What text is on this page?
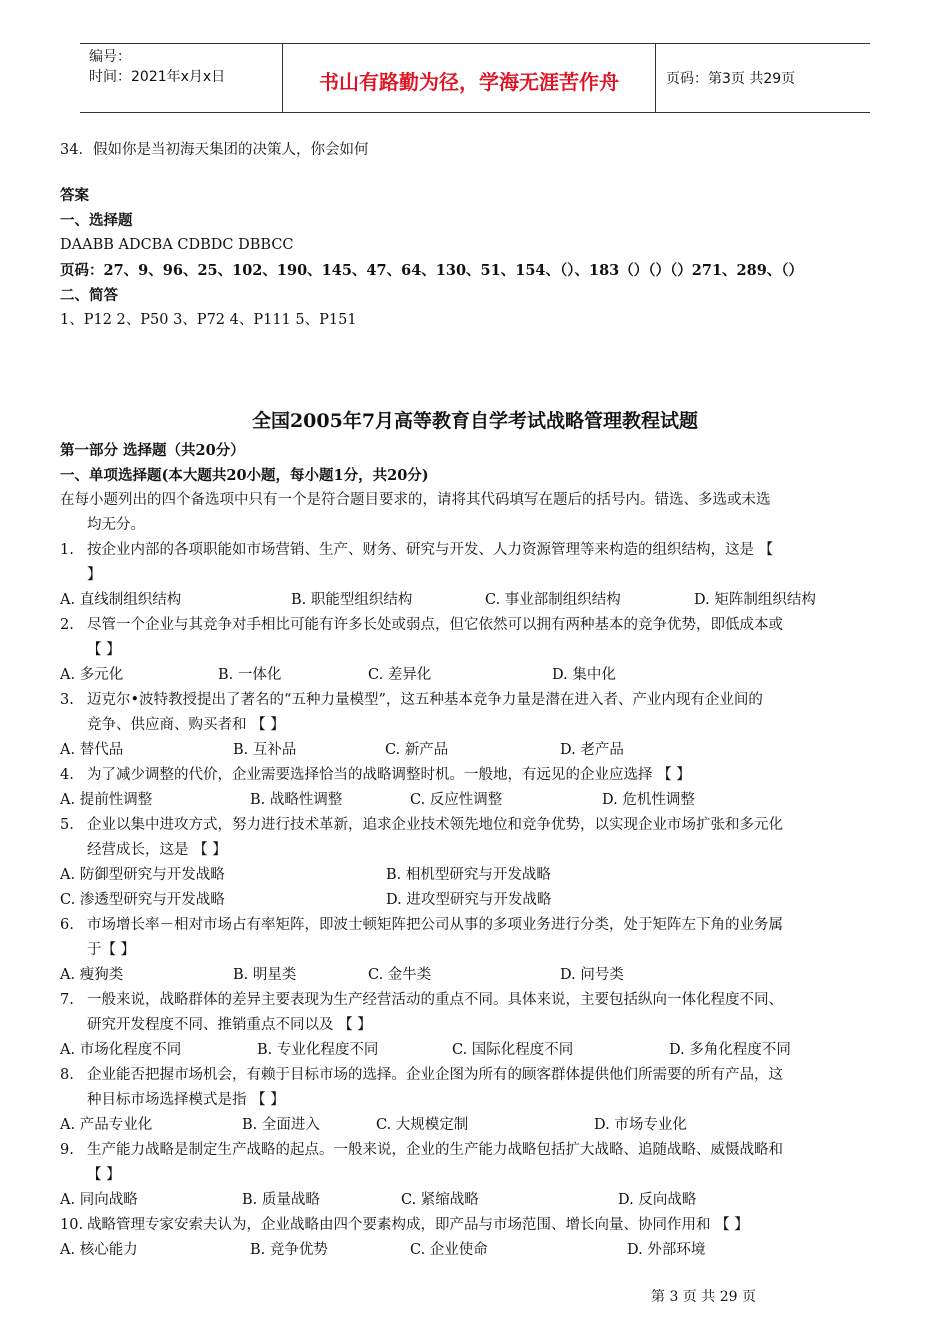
编号：
时间：2021年x月x日	书山有路勤为径，学海无涯苦作舟	页码：第3页 共29页
34．假如你是当初海天集团的决策人，你会如何
答案
一、选择题
DAABB ADCBA CDBDC DBBCC
页码：27、9、96、25、102、190、145、47、64、130、51、154、（）、183（）（）（）271、289、（）
二、简答
1、P12 2、P50 3、P72 4、P111 5、P151
全国2005年7月高等教育自学考试战略管理教程试题
第一部分 选择题（共20分）
一、单项选择题(本大题共20小题，每小题1分，共20分)
在每小题列出的四个备选项中只有一个是符合题目要求的，请将其代码填写在题后的括号内。错选、多选或未选
均无分。
1. 按企业内部的各项职能如市场营销、生产、财务、研究与开发、人力资源管理等来构造的组织结构，这是 【
】
A. 直线制组织结构	B. 职能型组织结构	C. 事业部制组织结构	D. 矩阵制组织结构
2. 尽管一个企业与其竞争对手相比可能有许多长处或弱点，但它依然可以拥有两种基本的竞争优势，即低成本或
【 】
A. 多元化	B. 一体化	C. 差异化	D. 集中化
3. 迈克尔•波特教授提出了著名的“五种力量模型”，这五种基本竞争力量是潜在进入者、产业内现有企业间的
竞争、供应商、购买者和 【 】
A. 替代品	B. 互补品	C. 新产品	D. 老产品
4. 为了减少调整的代价，企业需要选择恰当的战略调整时机。一般地，有远见的企业应选择 【 】
A. 提前性调整	B. 战略性调整	C. 反应性调整	D. 危机性调整
5. 企业以集中进攻方式，努力进行技术革新，追求企业技术领先地位和竞争优势，以实现企业市场扩张和多元化
经营成长，这是 【 】
A. 防御型研究与开发战略	B. 相机型研究与开发战略
C. 渗透型研究与开发战略	D. 进攻型研究与开发战略
6. 市场增长率－相对市场占有率矩阵，即波士顿矩阵把公司从事的多项业务进行分类，处于矩阵左下角的业务属
于【 】
A. 瘦狗类	B. 明星类	C. 金牛类	D. 问号类
7. 一般来说，战略群体的差异主要表现为生产经营活动的重点不同。具体来说，主要包括纵向一体化程度不同、
研究开发程度不同、推销重点不同以及 【 】
A. 市场化程度不同	B. 专业化程度不同	C. 国际化程度不同	D. 多角化程度不同
8. 企业能否把握市场机会，有赖于目标市场的选择。企业企图为所有的顾客群体提供他们所需要的所有产品，这
种目标市场选择模式是指 【 】
A. 产品专业化	B. 全面进入	C. 大规模定制	D. 市场专业化
9. 生产能力战略是制定生产战略的起点。一般来说，企业的生产能力战略包括扩大战略、追随战略、威慑战略和
【 】
A. 同向战略	B. 质量战略	C. 紧缩战略	D. 反向战略
10. 战略管理专家安索夫认为，企业战略由四个要素构成，即产品与市场范围、增长向量、协同作用和 【 】
A. 核心能力	B. 竞争优势	C. 企业使命	D. 外部环境
第 3 页 共 29 页
